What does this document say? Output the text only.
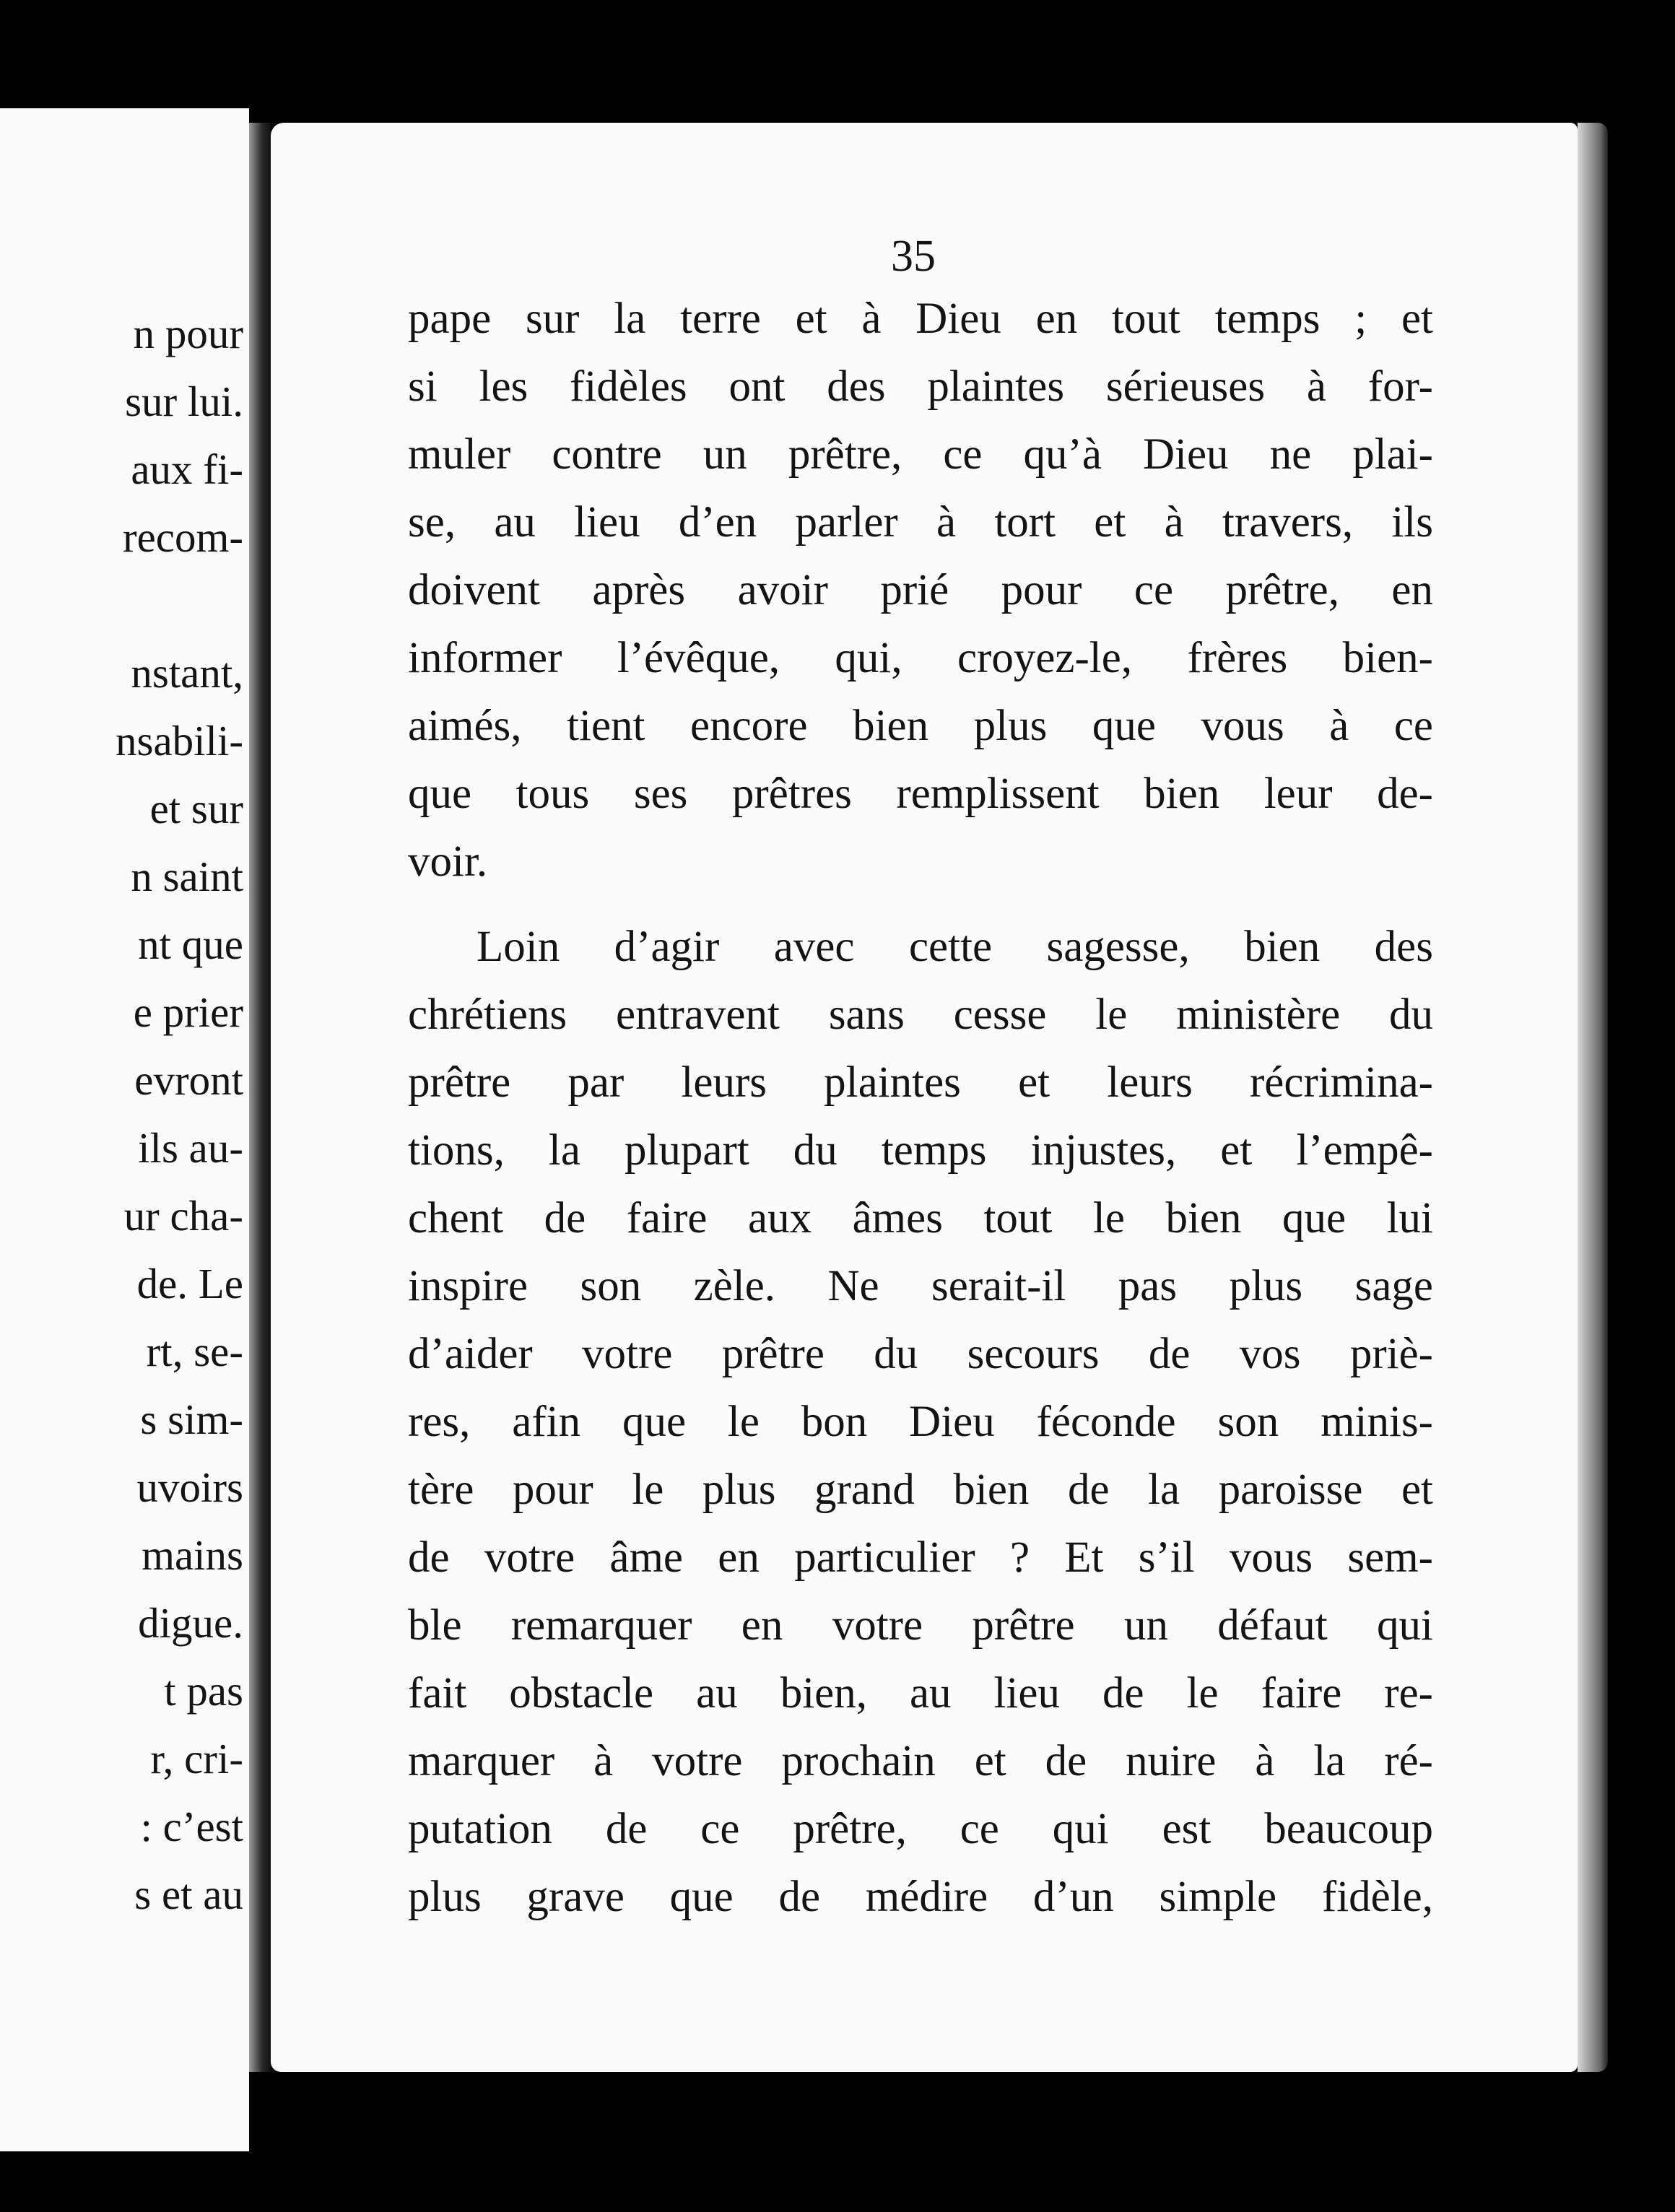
n pour
sur lui.
aux fi-
recom-
nstant,
nsabili-
et sur
n saint
nt que
e prier
evront
ils au-
ur cha-
de. Le
rt, se-
s sim-
uvoirs
mains
digue.
t pas
r, cri-
: c’est
s et au
35
pape sur la terre et à Dieu en tout temps ; et
si les fidèles ont des plaintes sérieuses à for-
muler contre un prêtre, ce qu’à Dieu ne plai-
se, au lieu d’en parler à tort et à travers, ils
doivent après avoir prié pour ce prêtre, en
informer l’évêque, qui, croyez-le, frères bien-
aimés, tient encore bien plus que vous à ce
que tous ses prêtres remplissent bien leur de-
voir.
Loin d’agir avec cette sagesse, bien des
chrétiens entravent sans cesse le ministère du
prêtre par leurs plaintes et leurs récrimina-
tions, la plupart du temps injustes, et l’empê-
chent de faire aux âmes tout le bien que lui
inspire son zèle. Ne serait-il pas plus sage
d’aider votre prêtre du secours de vos priè-
res, afin que le bon Dieu féconde son minis-
tère pour le plus grand bien de la paroisse et
de votre âme en particulier ? Et s’il vous sem-
ble remarquer en votre prêtre un défaut qui
fait obstacle au bien, au lieu de le faire re-
marquer à votre prochain et de nuire à la ré-
putation de ce prêtre, ce qui est beaucoup
plus grave que de médire d’un simple fidèle,
